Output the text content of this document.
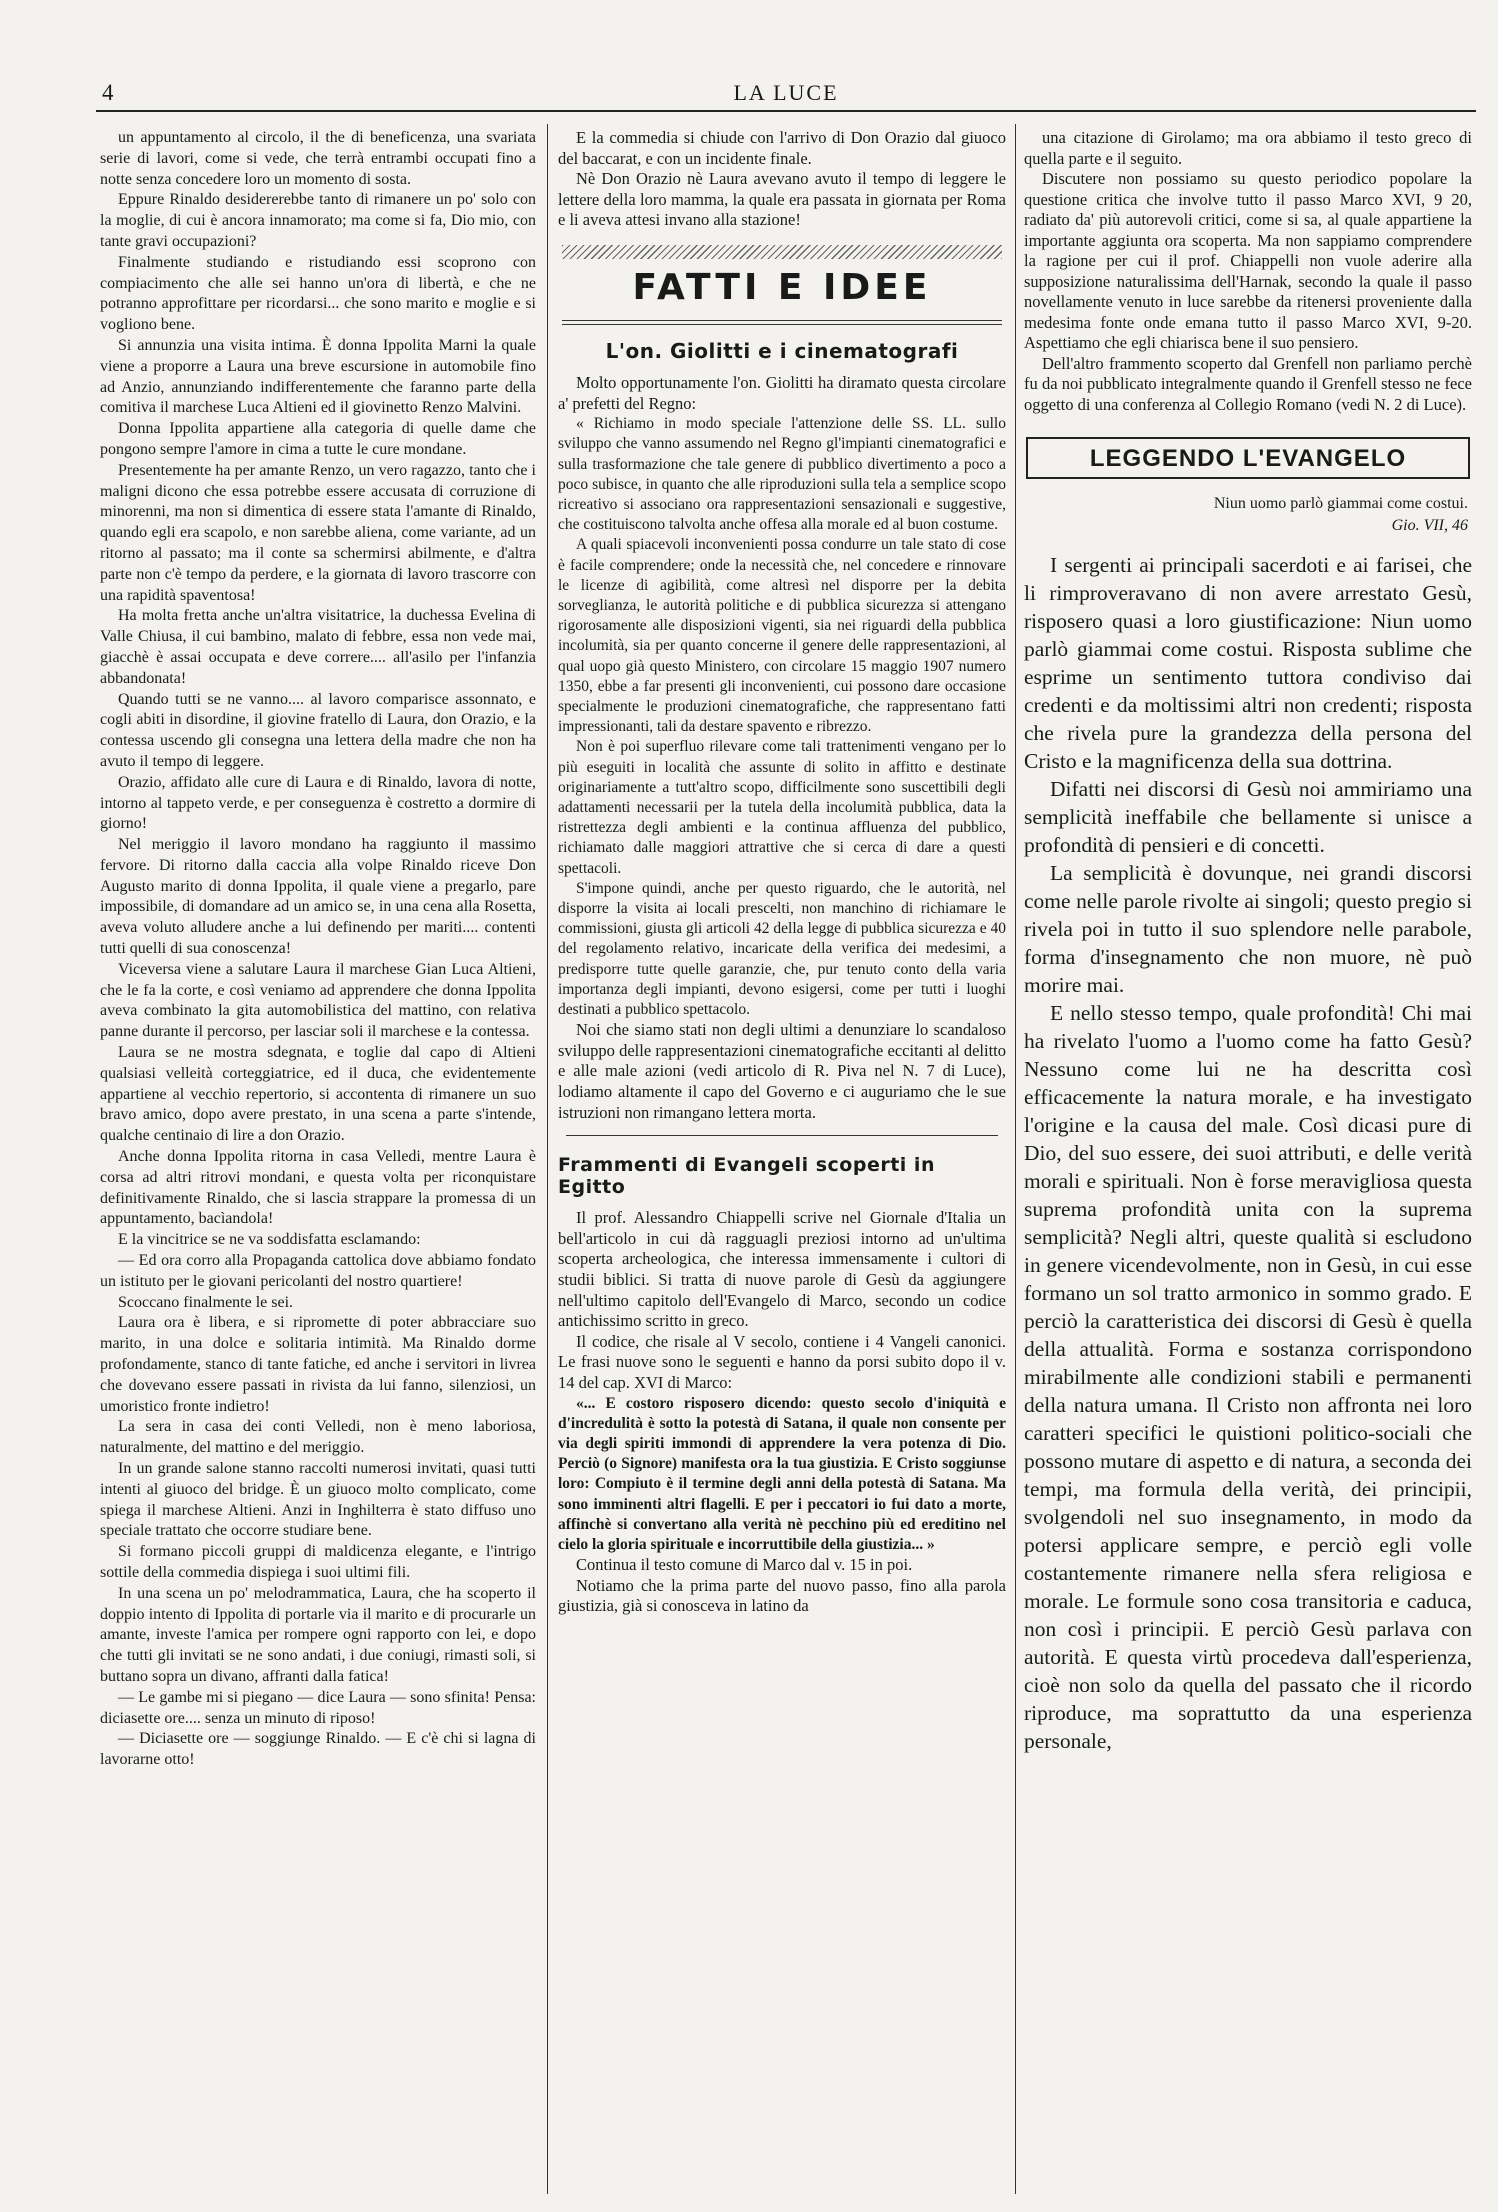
4	LA LUCE

un appuntamento al circolo, il the di beneficenza, una svariata serie di lavori, come si vede, che terrà entrambi occupati fino a notte senza concedere loro un momento di sosta.

Eppure Rinaldo desidererebbe tanto di rimanere un po' solo con la moglie, di cui è ancora innamorato; ma come si fa, Dio mio, con tante gravi occupazioni?

Finalmente studiando e ristudiando essi scoprono con compiacimento che alle sei hanno un'ora di libertà, e che ne potranno approfittare per ricordarsi... che sono marito e moglie e si vogliono bene.

Si annunzia una visita intima. È donna Ippolita Marni la quale viene a proporre a Laura una breve escursione in automobile fino ad Anzio, annunziando indifferentemente che faranno parte della comitiva il marchese Luca Altieni ed il giovinetto Renzo Malvini.

Donna Ippolita appartiene alla categoria di quelle dame che pongono sempre l'amore in cima a tutte le cure mondane.

Presentemente ha per amante Renzo, un vero ragazzo, tanto che i maligni dicono che essa potrebbe essere accusata di corruzione di minorenni, ma non si dimentica di essere stata l'amante di Rinaldo, quando egli era scapolo, e non sarebbe aliena, come variante, ad un ritorno al passato; ma il conte sa schermirsi abilmente, e d'altra parte non c'è tempo da perdere, e la giornata di lavoro trascorre con una rapidità spaventosa!

Ha molta fretta anche un'altra visitatrice, la duchessa Evelina di Valle Chiusa, il cui bambino, malato di febbre, essa non vede mai, giacchè è assai occupata e deve correre.... all'asilo per l'infanzia abbandonata!

Quando tutti se ne vanno.... al lavoro comparisce assonnato, e cogli abiti in disordine, il giovine fratello di Laura, don Orazio, e la contessa uscendo gli consegna una lettera della madre che non ha avuto il tempo di leggere.

Orazio, affidato alle cure di Laura e di Rinaldo, lavora di notte, intorno al tappeto verde, e per conseguenza è costretto a dormire di giorno!

Nel meriggio il lavoro mondano ha raggiunto il massimo fervore. Di ritorno dalla caccia alla volpe Rinaldo riceve Don Augusto marito di donna Ippolita, il quale viene a pregarlo, pare impossibile, di domandare ad un amico se, in una cena alla Rosetta, aveva voluto alludere anche a lui definendo per mariti.... contenti tutti quelli di sua conoscenza!

Viceversa viene a salutare Laura il marchese Gian Luca Altieni, che le fa la corte, e così veniamo ad apprendere che donna Ippolita aveva combinato la gita automobilistica del mattino, con relativa panne durante il percorso, per lasciar soli il marchese e la contessa.

Laura se ne mostra sdegnata, e toglie dal capo di Altieni qualsiasi velleità corteggiatrice, ed il duca, che evidentemente appartiene al vecchio repertorio, si accontenta di rimanere un suo bravo amico, dopo avere prestato, in una scena a parte s'intende, qualche centinaio di lire a don Orazio.

Anche donna Ippolita ritorna in casa Velledi, mentre Laura è corsa ad altri ritrovi mondani, e questa volta per riconquistare definitivamente Rinaldo, che si lascia strappare la promessa di un appuntamento, bacìandola!

E la vincitrice se ne va soddisfatta esclamando:

— Ed ora corro alla Propaganda cattolica dove abbiamo fondato un istituto per le giovani pericolanti del nostro quartiere!

Scoccano finalmente le sei.

Laura ora è libera, e si ripromette di poter abbracciare suo marito, in una dolce e solitaria intimità. Ma Rinaldo dorme profondamente, stanco di tante fatiche, ed anche i servitori in livrea che dovevano essere passati in rivista da lui fanno, silenziosi, un umoristico fronte indietro!

La sera in casa dei conti Velledi, non è meno laboriosa, naturalmente, del mattino e del meriggio.

In un grande salone stanno raccolti numerosi invitati, quasi tutti intenti al giuoco del bridge. È un giuoco molto complicato, come spiega il marchese Altieni. Anzi in Inghilterra è stato diffuso uno speciale trattato che occorre studiare bene.

Si formano piccoli gruppi di maldicenza elegante, e l'intrigo sottile della commedia dispiega i suoi ultimi fili.

In una scena un po' melodrammatica, Laura, che ha scoperto il doppio intento di Ippolita di portarle via il marito e di procurarle un amante, investe l'amica per rompere ogni rapporto con lei, e dopo che tutti gli invitati se ne sono andati, i due coniugi, rimasti soli, si buttano sopra un divano, affranti dalla fatica!

— Le gambe mi si piegano — dice Laura — sono sfinita! Pensa: diciasette ore.... senza un minuto di riposo!

— Diciasette ore — soggiunge Rinaldo. — E c'è chi si lagna di lavorarne otto!

E la commedia si chiude con l'arrivo di Don Orazio dal giuoco del baccarat, e con un incidente finale.

Nè Don Orazio nè Laura avevano avuto il tempo di leggere le lettere della loro mamma, la quale era passata in giornata per Roma e li aveva attesi invano alla stazione!

FATTI E IDEE
L'on. Giolitti e i cinematografi

Molto opportunamente l'on. Giolitti ha diramato questa circolare a' prefetti del Regno:

« Richiamo in modo speciale l'attenzione delle SS. LL. sullo sviluppo che vanno assumendo nel Regno gl'impianti cinematografici e sulla trasformazione che tale genere di pubblico divertimento a poco a poco subisce, in quanto che alle riproduzioni sulla tela a semplice scopo ricreativo si associano ora rappresentazioni sensazionali e suggestive, che costituiscono talvolta anche offesa alla morale ed al buon costume.

A quali spiacevoli inconvenienti possa condurre un tale stato di cose è facile comprendere; onde la necessità che, nel concedere e rinnovare le licenze di agibilità, come altresì nel disporre per la debita sorveglianza, le autorità politiche e di pubblica sicurezza si attengano rigorosamente alle disposizioni vigenti, sia nei riguardi della pubblica incolumità, sia per quanto concerne il genere delle rappresentazioni, al qual uopo già questo Ministero, con circolare 15 maggio 1907 numero 1350, ebbe a far presenti gli inconvenienti, cui possono dare occasione specialmente le produzioni cinematografiche, che rappresentano fatti impressionanti, tali da destare spavento e ribrezzo.

Non è poi superfluo rilevare come tali trattenimenti vengano per lo più eseguiti in località che assunte di solito in affitto e destinate originariamente a tutt'altro scopo, difficilmente sono suscettibili degli adattamenti necessarii per la tutela della incolumità pubblica, data la ristrettezza degli ambienti e la continua affluenza del pubblico, richiamato dalle maggiori attrattive che si cerca di dare a questi spettacoli.

S'impone quindi, anche per questo riguardo, che le autorità, nel disporre la visita ai locali prescelti, non manchino di richiamare le commissioni, giusta gli articoli 42 della legge di pubblica sicurezza e 40 del regolamento relativo, incaricate della verifica dei medesimi, a predisporre tutte quelle garanzie, che, pur tenuto conto della varia importanza degli impianti, devono esigersi, come per tutti i luoghi destinati a pubblico spettacolo.

Noi che siamo stati non degli ultimi a denunziare lo scandaloso sviluppo delle rappresentazioni cinematografiche eccitanti al delitto e alle male azioni (vedi articolo di R. Piva nel N. 7 di Luce), lodiamo altamente il capo del Governo e ci auguriamo che le sue istruzioni non rimangano lettera morta.

Frammenti di Evangeli scoperti in Egitto

Il prof. Alessandro Chiappelli scrive nel Giornale d'Italia un bell'articolo in cui dà ragguagli preziosi intorno ad un'ultima scoperta archeologica, che interessa immensamente i cultori di studii biblici. Si tratta di nuove parole di Gesù da aggiungere nell'ultimo capitolo dell'Evangelo di Marco, secondo un codice antichissimo scritto in greco.

Il codice, che risale al V secolo, contiene i 4 Vangeli canonici. Le frasi nuove sono le seguenti e hanno da porsi subito dopo il v. 14 del cap. XVI di Marco:

«... E costoro risposero dicendo: questo secolo d'iniquità e d'incredulità è sotto la potestà di Satana, il quale non consente per via degli spiriti immondi di apprendere la vera potenza di Dio. Perciò (o Signore) manifesta ora la tua giustizia. E Cristo soggiunse loro: Compiuto è il termine degli anni della potestà di Satana. Ma sono imminenti altri flagelli. E per i peccatori io fui dato a morte, affinchè si convertano alla verità nè pecchino più ed ereditino nel cielo la gloria spirituale e incorruttibile della giustizia... »

Continua il testo comune di Marco dal v. 15 in poi.

Notiamo che la prima parte del nuovo passo, fino alla parola giustizia, già si conosceva in latino da

una citazione di Girolamo; ma ora abbiamo il testo greco di quella parte e il seguito.

Discutere non possiamo su questo periodico popolare la questione critica che involve tutto il passo Marco XVI, 9 20, radiato da' più autorevoli critici, come si sa, al quale appartiene la importante aggiunta ora scoperta. Ma non sappiamo comprendere la ragione per cui il prof. Chiappelli non vuole aderire alla supposizione naturalissima dell'Harnak, secondo la quale il passo novellamente venuto in luce sarebbe da ritenersi proveniente dalla medesima fonte onde emana tutto il passo Marco XVI, 9-20. Aspettiamo che egli chiarisca bene il suo pensiero.

Dell'altro frammento scoperto dal Grenfell non parliamo perchè fu da noi pubblicato integralmente quando il Grenfell stesso ne fece oggetto di una conferenza al Collegio Romano (vedi N. 2 di Luce).

LEGGENDO L'EVANGELO
Niun uomo parlò giammai come costui.
Gio. VII, 46

I sergenti ai principali sacerdoti e ai farisei, che li rimproveravano di non avere arrestato Gesù, risposero quasi a loro giustificazione: Niun uomo parlò giammai come costui. Risposta sublime che esprime un sentimento tuttora condiviso dai credenti e da moltissimi altri non credenti; risposta che rivela pure la grandezza della persona del Cristo e la magnificenza della sua dottrina.

Difatti nei discorsi di Gesù noi ammiriamo una semplicità ineffabile che bellamente si unisce a profondità di pensieri e di concetti.

La semplicità è dovunque, nei grandi discorsi come nelle parole rivolte ai singoli; questo pregio si rivela poi in tutto il suo splendore nelle parabole, forma d'insegnamento che non muore, nè può morire mai.

E nello stesso tempo, quale profondità! Chi mai ha rivelato l'uomo a l'uomo come ha fatto Gesù? Nessuno come lui ne ha descritta così efficacemente la natura morale, e ha investigato l'origine e la causa del male. Così dicasi pure di Dio, del suo essere, dei suoi attributi, e delle verità morali e spirituali. Non è forse meravigliosa questa suprema profondità unita con la suprema semplicità? Negli altri, queste qualità si escludono in genere vicendevolmente, non in Gesù, in cui esse formano un sol tratto armonico in sommo grado. E perciò la caratteristica dei discorsi di Gesù è quella della attualità. Forma e sostanza corrispondono mirabilmente alle condizioni stabili e permanenti della natura umana. Il Cristo non affronta nei loro caratteri specifici le quistioni politico-sociali che possono mutare di aspetto e di natura, a seconda dei tempi, ma formula della verità, dei principii, svolgendoli nel suo insegnamento, in modo da potersi applicare sempre, e perciò egli volle costantemente rimanere nella sfera religiosa e morale. Le formule sono cosa transitoria e caduca, non così i principii. E perciò Gesù parlava con autorità. E questa virtù procedeva dall'esperienza, cioè non solo da quella del passato che il ricordo riproduce, ma soprattutto da una esperienza personale,
